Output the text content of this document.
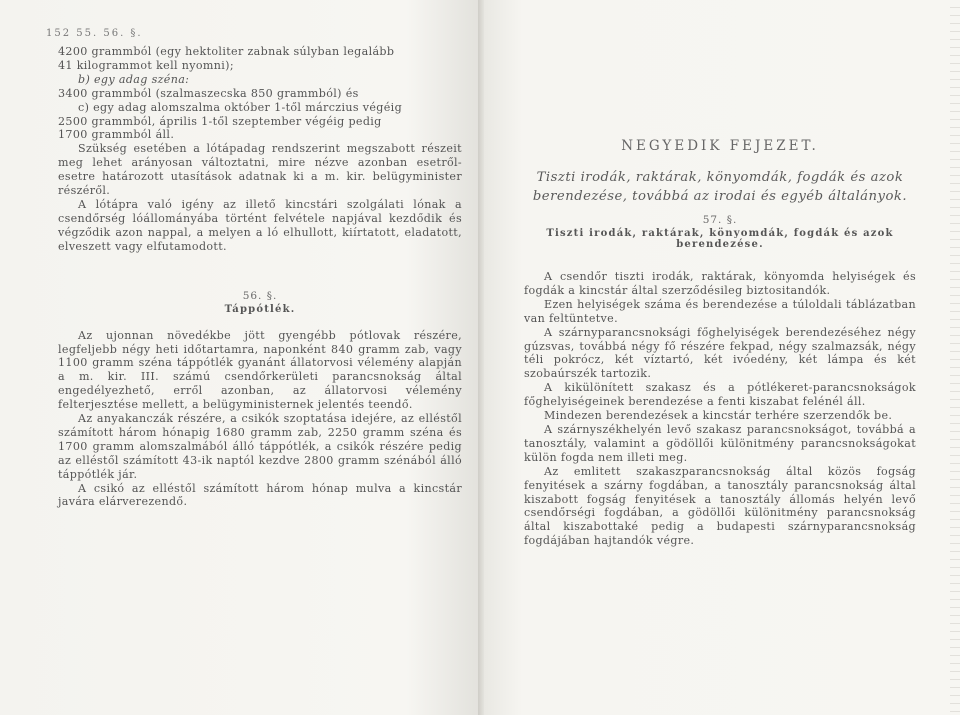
152 55. 56. §.

4200 grammból (egy hektoliter zabnak súlyban legalább

41 kilogrammot kell nyomni);

b) egy adag széna:

3400 grammból (szalmaszecska 850 grammból) és

c) egy adag alomszalma október 1-től márczius végéig

2500 grammból, április 1-től szeptember végéig pedig

1700 grammból áll.

Szükség esetében a lótápadag rendszerint megszabott részeit meg lehet arányosan változtatni, mire nézve azonban esetről-esetre határozott utasítások adatnak ki a m. kir. belügyminister részéről.

A lótápra való igény az illető kincstári szolgálati lónak a csendőrség lóállományába történt felvétele napjával kezdődik és végződik azon nappal, a melyen a ló elhullott, kiírtatott, eladatott, elveszett vagy elfutamodott.

56. §.
Táppótlék.

Az ujonnan növedékbe jött gyengébb pótlovak részére, legfeljebb négy heti időtartamra, naponként 840 gramm zab, vagy 1100 gramm széna táppótlék gyanánt állatorvosi vélemény alapján a m. kir. III. számú csendőrkerületi parancsnokság által engedélyezhető, erről azonban, az állatorvosi vélemény felterjesztése mellett, a belügyministernek jelentés teendő.

Az anyakanczák részére, a csikók szoptatása idejére, az elléstől számított három hónapig 1680 gramm zab, 2250 gramm széna és 1700 gramm alomszalmából álló táppótlék, a csikók részére pedig az elléstől számított 43-ik naptól kezdve 2800 gramm szénából álló táppótlék jár.

A csikó az elléstől számított három hónap mulva a kincstár javára elárverezendő.

NEGYEDIK FEJEZET.
Tiszti irodák, raktárak, könyomdák, fogdák és azok berendezése, továbbá az irodai és egyéb általányok.
57. §.
Tiszti irodák, raktárak, könyomdák, fogdák és azok berendezése.

A csendőr tiszti irodák, raktárak, könyomda helyiségek és fogdák a kincstár által szerződésileg biztositandók.

Ezen helyiségek száma és berendezése a túloldali táblázatban van feltüntetve.

A szárnyparancsnoksági főghelyiségek berendezéséhez négy gúzsvas, továbbá négy fő részére fekpad, négy szalmazsák, négy téli pokrócz, két víztartó, két ivóedény, két lámpa és két szobaúrszék tartozik.

A kikülönített szakasz és a pótlékeret-parancsnokságok főghelyiségeinek berendezése a fenti kiszabat felénél áll.

Mindezen berendezések a kincstár terhére szerzendők be.

A szárnyszékhelyén levő szakasz parancsnokságot, továbbá a tanosztály, valamint a gödöllői különitmény parancsnokságokat külön fogda nem illeti meg.

Az emlitett szakaszparancsnokság által közös fogság fenyitések a szárny fogdában, a tanosztály parancsnokság által kiszabott fogság fenyitések a tanosztály állomás helyén levő csendőrségi fogdában, a gödöllői különitmény parancsnokság által kiszabottaké pedig a budapesti szárnyparancsnokság fogdájában hajtandók végre.
